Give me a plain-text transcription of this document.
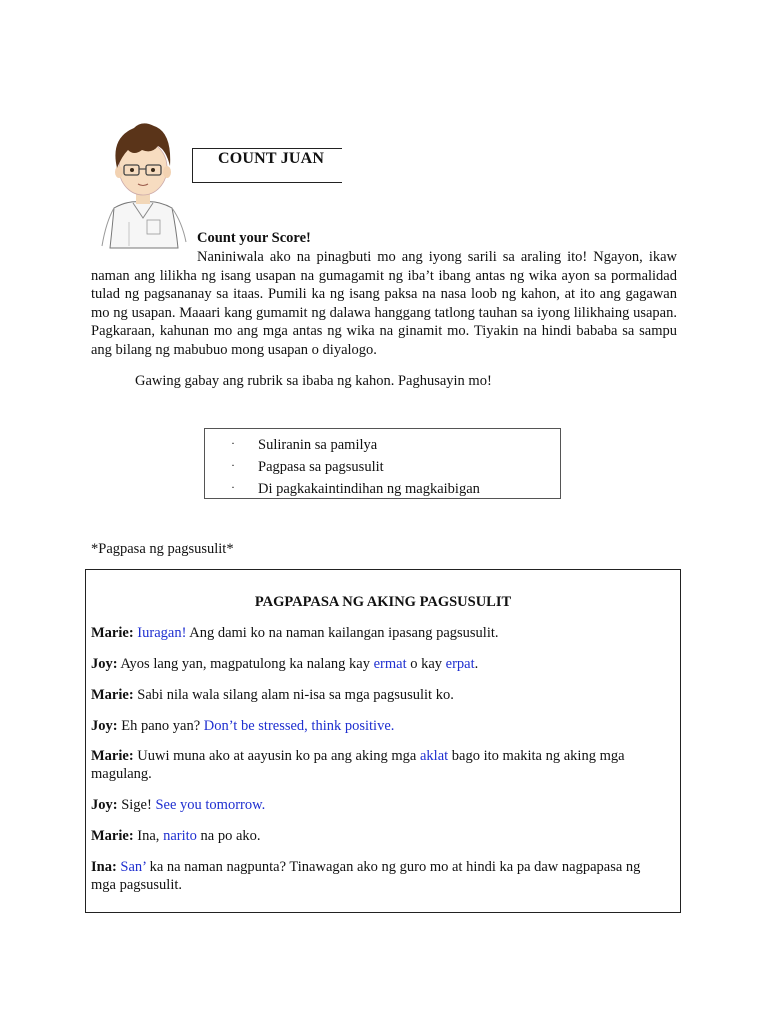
COUNT JUAN
Count your Score!

Naniniwala ako na pinagbuti mo ang iyong sarili sa araling ito! Ngayon, ikaw naman ang lilikha ng isang usapan na gumagamit ng iba’t ibang antas ng wika ayon sa pormalidad tulad ng pagsananay sa itaas. Pumili ka ng isang paksa na nasa loob ng kahon, at ito ang gagawan mo ng usapan. Maaari kang gumamit ng dalawa hanggang tatlong tauhan sa iyong lilikhaing usapan. Pagkaraan, kahunan mo ang mga antas ng wika na ginamit mo. Tiyakin na hindi bababa sa sampu ang bilang ng mabubuo mong usapan o diyalogo.

Gawing gabay ang rubrik sa ibaba ng kahon. Paghusayin mo!
· Suliranin sa pamilya
· Pagpasa sa pagsusulit
· Di pagkakaintindihan ng magkaibigan
*Pagpasa ng pagsusulit*
PAGPAPASA NG AKING PAGSUSULIT
Marie: Iuragan! Ang dami ko na naman kailangan ipasang pagsusulit.
Joy: Ayos lang yan, magpatulong ka nalang kay ermat o kay erpat.
Marie: Sabi nila wala silang alam ni-isa sa mga pagsusulit ko.
Joy: Eh pano yan? Don’t be stressed, think positive.
Marie: Uuwi muna ako at aayusin ko pa ang aking mga aklat bago ito makita ng aking mga magulang.
Joy: Sige! See you tomorrow.
Marie: Ina, narito na po ako.
Ina: San’ ka na naman nagpunta? Tinawagan ako ng guro mo at hindi ka pa daw nagpapasa ng mga pagsusulit.
